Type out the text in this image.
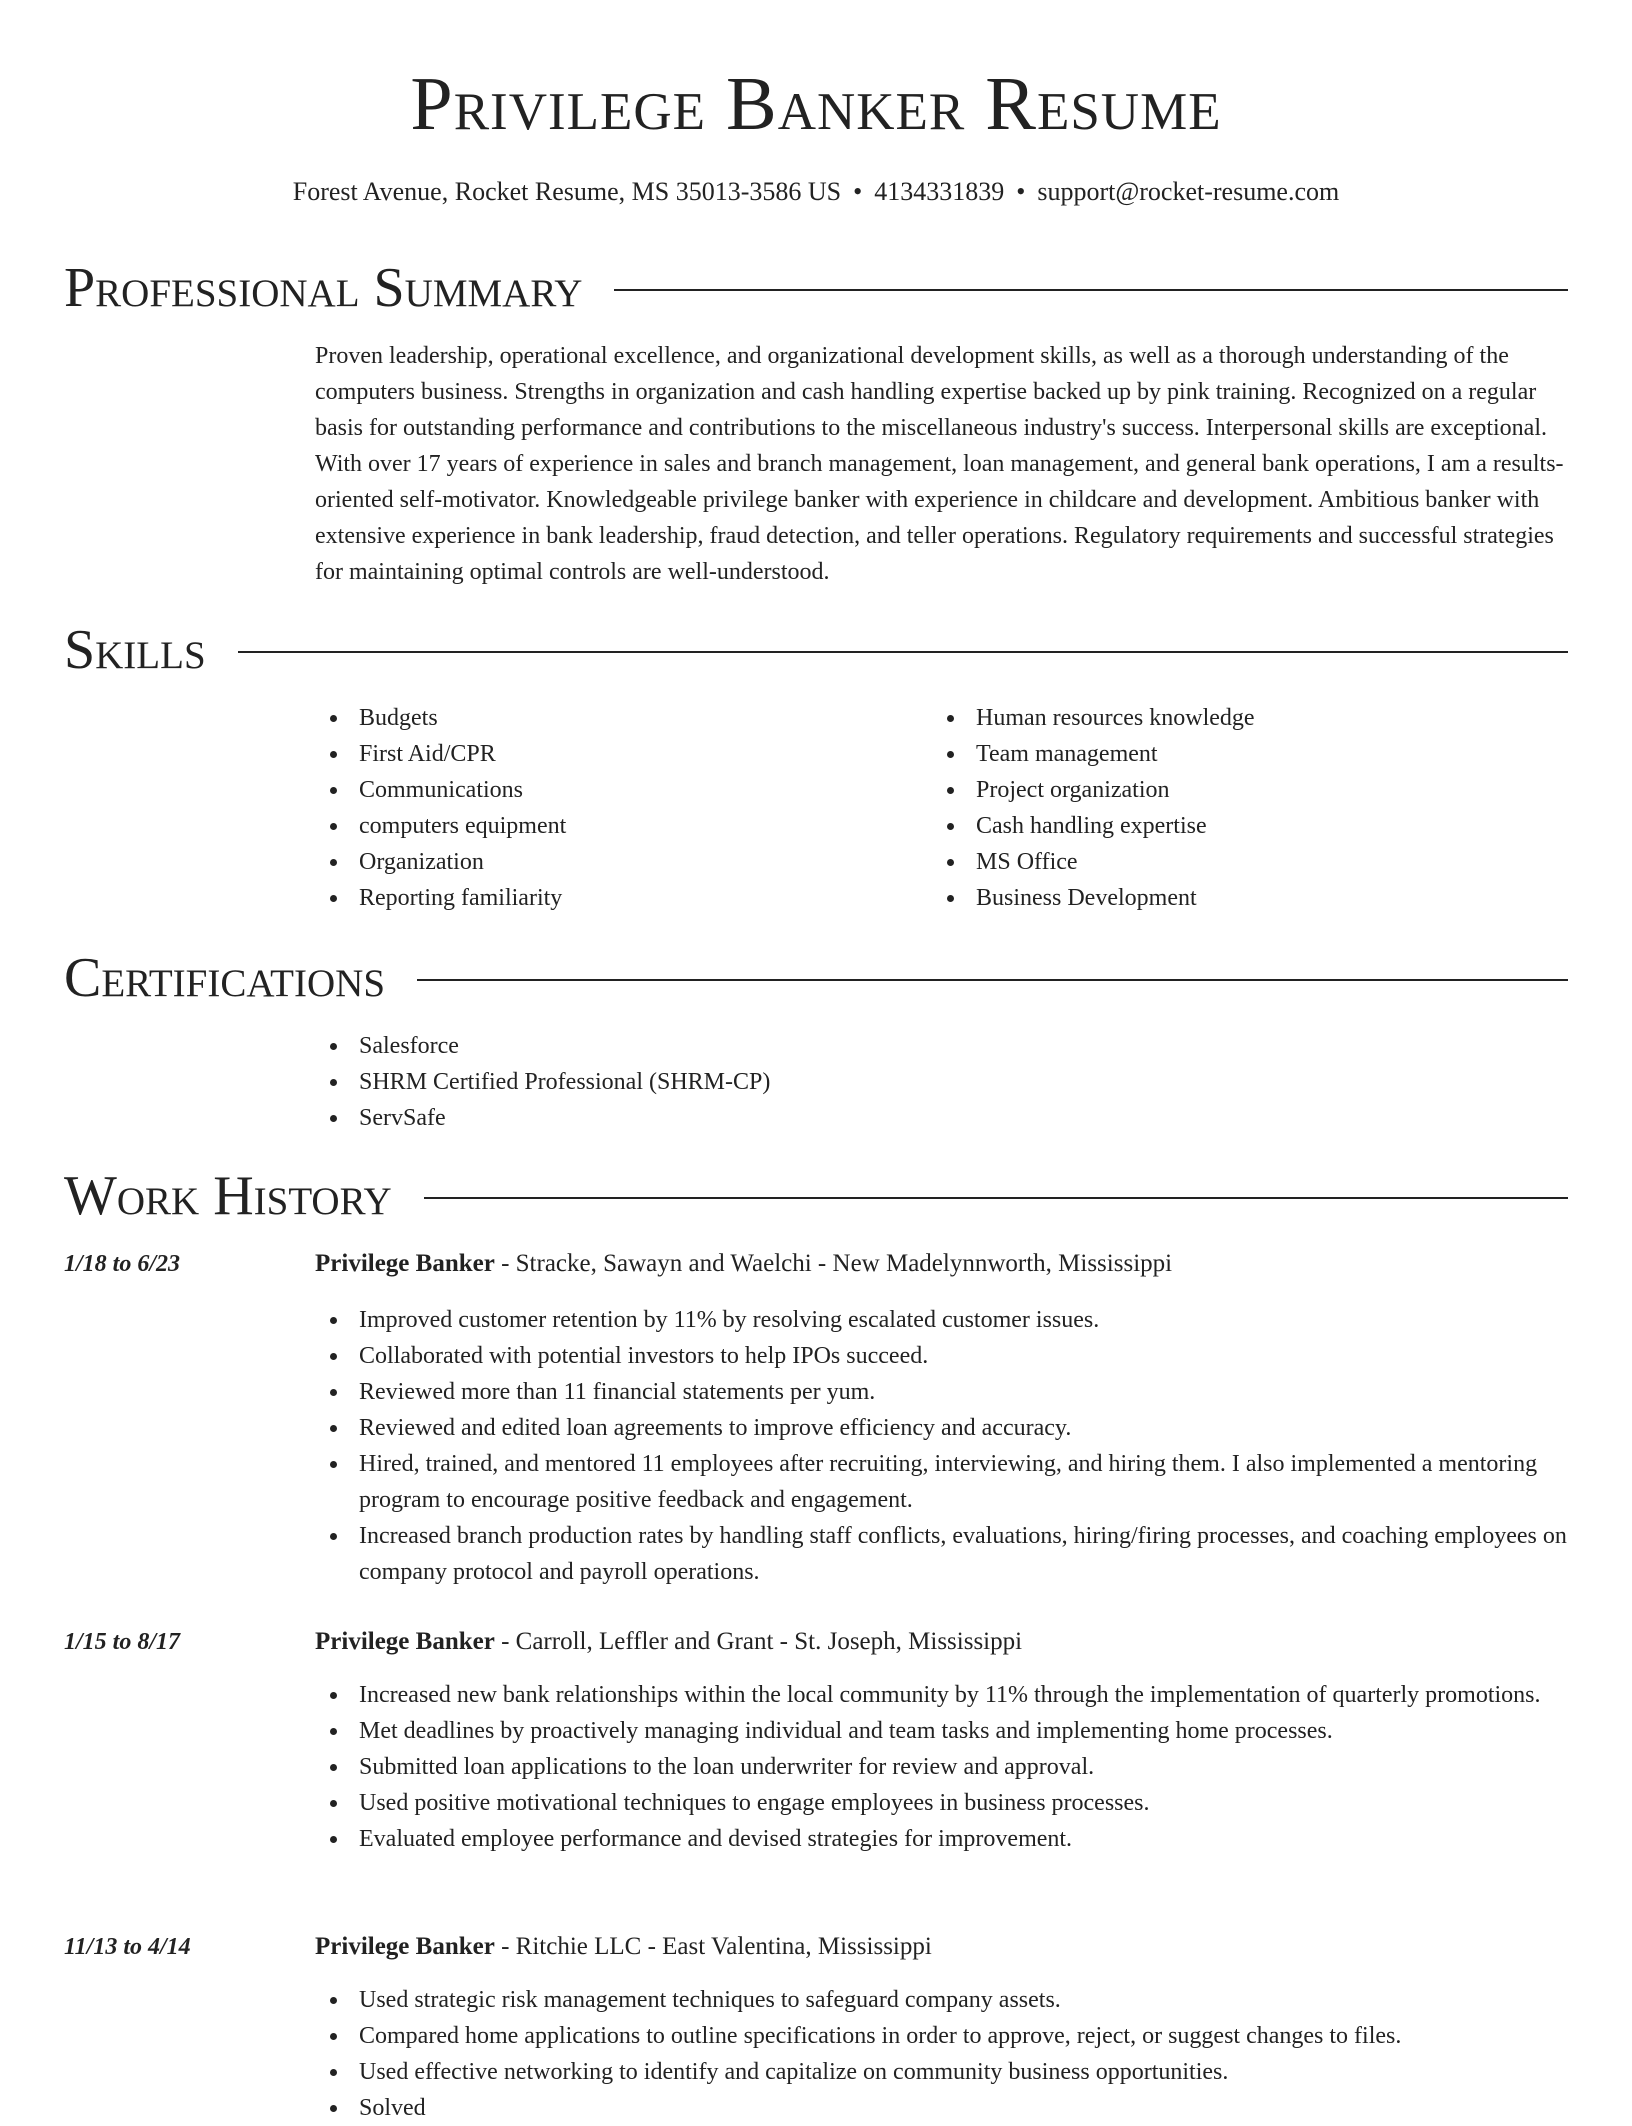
Privilege Banker Resume
Forest Avenue, Rocket Resume, MS 35013-3586 US • 4134331839 • support@rocket-resume.com
Professional Summary

Proven leadership, operational excellence, and organizational development skills, as well as a thorough understanding of the computers business. Strengths in organization and cash handling expertise backed up by pink training. Recognized on a regular basis for outstanding performance and contributions to the miscellaneous industry's success. Interpersonal skills are exceptional. With over 17 years of experience in sales and branch management, loan management, and general bank operations, I am a results-oriented self-motivator. Knowledgeable privilege banker with experience in childcare and development. Ambitious banker with extensive experience in bank leadership, fraud detection, and teller operations. Regulatory requirements and successful strategies for maintaining optimal controls are well-understood.

Skills
Budgets
First Aid/CPR
Communications
computers equipment
Organization
Reporting familiarity
Human resources knowledge
Team management
Project organization
Cash handling expertise
MS Office
Business Development
Certifications
Salesforce
SHRM Certified Professional (SHRM-CP)
ServSafe
Work History
1/18 to 6/23	Privilege Banker - Stracke, Sawayn and Waelchi - New Madelynnworth, Mississippi
Improved customer retention by 11% by resolving escalated customer issues.
Collaborated with potential investors to help IPOs succeed.
Reviewed more than 11 financial statements per yum.
Reviewed and edited loan agreements to improve efficiency and accuracy.
Hired, trained, and mentored 11 employees after recruiting, interviewing, and hiring them. I also implemented a mentoring program to encourage positive feedback and engagement.
Increased branch production rates by handling staff conflicts, evaluations, hiring/firing processes, and coaching employees on company protocol and payroll operations.
1/15 to 8/17	Privilege Banker - Carroll, Leffler and Grant - St. Joseph, Mississippi
Increased new bank relationships within the local community by 11% through the implementation of quarterly promotions.
Met deadlines by proactively managing individual and team tasks and implementing home processes.
Submitted loan applications to the loan underwriter for review and approval.
Used positive motivational techniques to engage employees in business processes.
Evaluated employee performance and devised strategies for improvement.
11/13 to 4/14	Privilege Banker - Ritchie LLC - East Valentina, Mississippi
Used strategic risk management techniques to safeguard company assets.
Compared home applications to outline specifications in order to approve, reject, or suggest changes to files.
Used effective networking to identify and capitalize on community business opportunities.
Solved
